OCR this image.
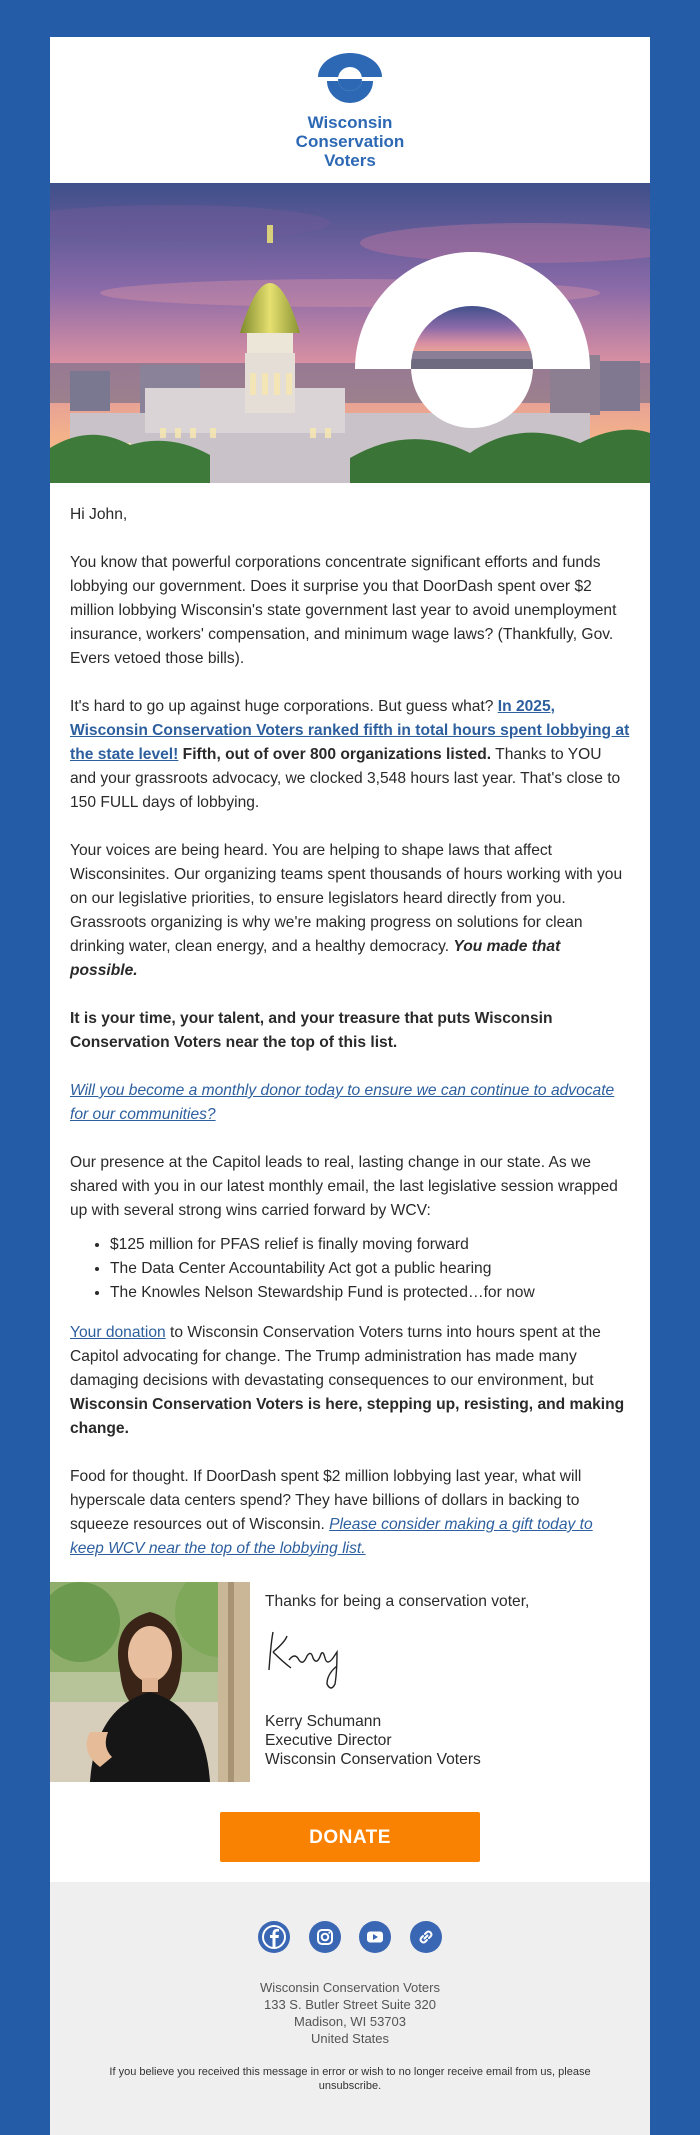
Wisconsin
Conservation
Voters

Hi John,

You know that powerful corporations concentrate significant efforts and funds lobbying our government. Does it surprise you that DoorDash spent over $2 million lobbying Wisconsin's state government last year to avoid unemployment insurance, workers' compensation, and minimum wage laws? (Thankfully, Gov. Evers vetoed those bills).

It's hard to go up against huge corporations. But guess what? In 2025, Wisconsin Conservation Voters ranked fifth in total hours spent lobbying at the state level! Fifth, out of over 800 organizations listed. Thanks to YOU and your grassroots advocacy, we clocked 3,548 hours last year. That's close to 150 FULL days of lobbying.

Your voices are being heard. You are helping to shape laws that affect Wisconsinites. Our organizing teams spent thousands of hours working with you on our legislative priorities, to ensure legislators heard directly from you. Grassroots organizing is why we're making progress on solutions for clean drinking water, clean energy, and a healthy democracy. You made that possible.

It is your time, your talent, and your treasure that puts Wisconsin Conservation Voters near the top of this list.

Will you become a monthly donor today to ensure we can continue to advocate for our communities?

Our presence at the Capitol leads to real, lasting change in our state. As we shared with you in our latest monthly email, the last legislative session wrapped up with several strong wins carried forward by WCV:

• $125 million for PFAS relief is finally moving forward
• The Data Center Accountability Act got a public hearing
• The Knowles Nelson Stewardship Fund is protected…for now

Your donation to Wisconsin Conservation Voters turns into hours spent at the Capitol advocating for change. The Trump administration has made many damaging decisions with devastating consequences to our environment, but Wisconsin Conservation Voters is here, stepping up, resisting, and making change.

Food for thought. If DoorDash spent $2 million lobbying last year, what will hyperscale data centers spend? They have billions of dollars in backing to squeeze resources out of Wisconsin. Please consider making a gift today to keep WCV near the top of the lobbying list.

Thanks for being a conservation voter,
Kerry Schumann
Executive Director
Wisconsin Conservation Voters
DONATE

Wisconsin Conservation Voters
133 S. Butler Street Suite 320
Madison, WI 53703
United States
If you believe you received this message in error or wish to no longer receive email from us, please unsubscribe.
